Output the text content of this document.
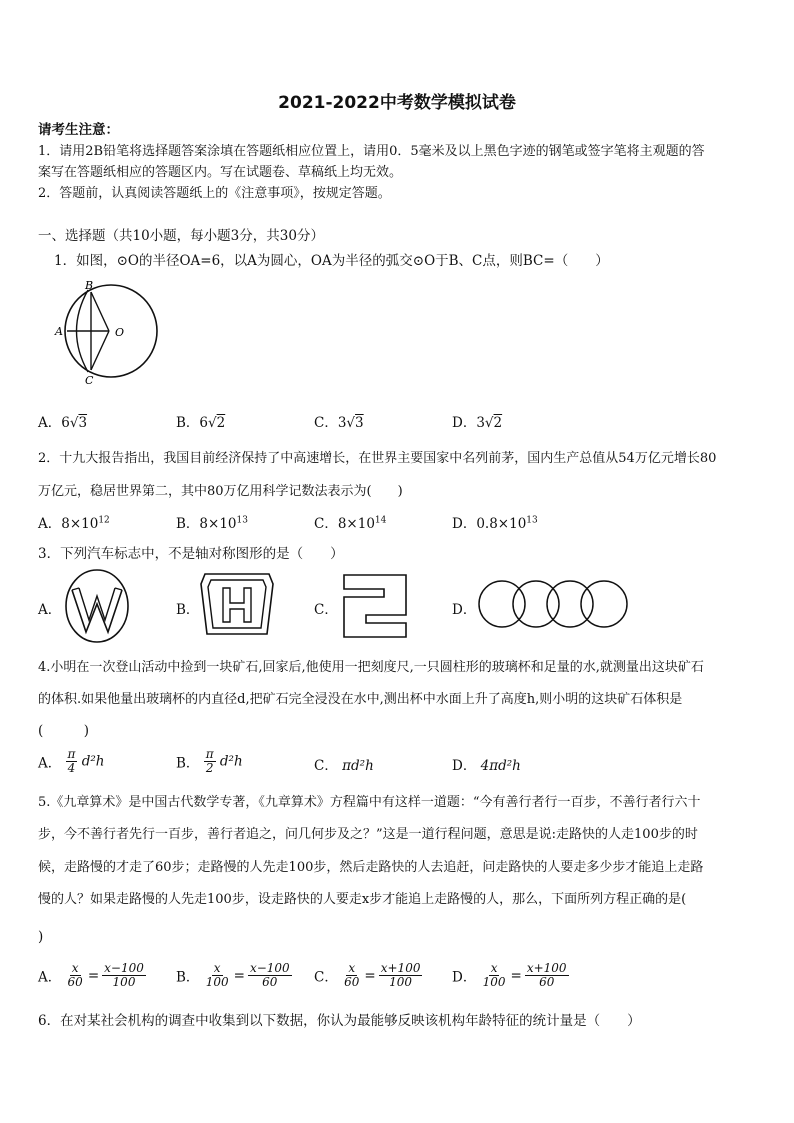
2021-2022中考数学模拟试卷
请考生注意：
1．请用2B铅笔将选择题答案涂填在答题纸相应位置上，请用0．5毫米及以上黑色字迹的钢笔或签字笔将主观题的答
案写在答题纸相应的答题区内。写在试题卷、草稿纸上均无效。
2．答题前，认真阅读答题纸上的《注意事项》，按规定答题。
一、选择题（共10小题，每小题3分，共30分）
1．如图，⊙O的半径OA=6，以A为圆心，OA为半径的弧交⊙O于B、C点，则BC=（　　）
B
A	O
C
A．6√3	B．6√2	C．3√3	D．3√2
2．十九大报告指出，我国目前经济保持了中高速增长，在世界主要国家中名列前茅，国内生产总值从54万亿元增长80
万亿元，稳居世界第二，其中80万亿用科学记数法表示为(　　)
A．$8\times 10^{12}$	B．$8\times 10^{13}$	C．$8\times 10^{14}$	D．$0.8\times 10^{13}$
3．下列汽车标志中，不是轴对称图形的是（　　）
A．	B．	C．	D．
4.小明在一次登山活动中捡到一块矿石,回家后,他使用一把刻度尺,一只圆柱形的玻璃杯和足量的水,就测量出这块矿石
的体积.如果他量出玻璃杯的内直径d,把矿石完全浸没在水中,测出杯中水面上升了高度h,则小明的这块矿石体积是
(　　　)
A． $\frac{\pi}{4} d^2h$	B． $\frac{\pi}{2} d^2h$	C． πd²h	D． 4πd²h
5.《九章算术》是中国古代数学专著，《九章算术》方程篇中有这样一道题：“今有善行者行一百步，不善行者行六十
步，今不善行者先行一百步，善行者追之，问几何步及之？”这是一道行程问题，意思是说:走路快的人走100步的时
候，走路慢的才走了60步；走路慢的人先走100步，然后走路快的人去追赶，问走路快的人要走多少步才能追上走路
慢的人？如果走路慢的人先走100步，设走路快的人要走x步才能追上走路慢的人，那么，下面所列方程正确的是(
)
A． $\frac{x}{60} = \frac{x-100}{100}$ B． $\frac{x}{100} = \frac{x-100}{60}$ C． $\frac{x}{60} = \frac{x+100}{100}$ D． $\frac{x}{100} = \frac{x+100}{60}$
6．在对某社会机构的调查中收集到以下数据，你认为最能够反映该机构年龄特征的统计量是（　　）
